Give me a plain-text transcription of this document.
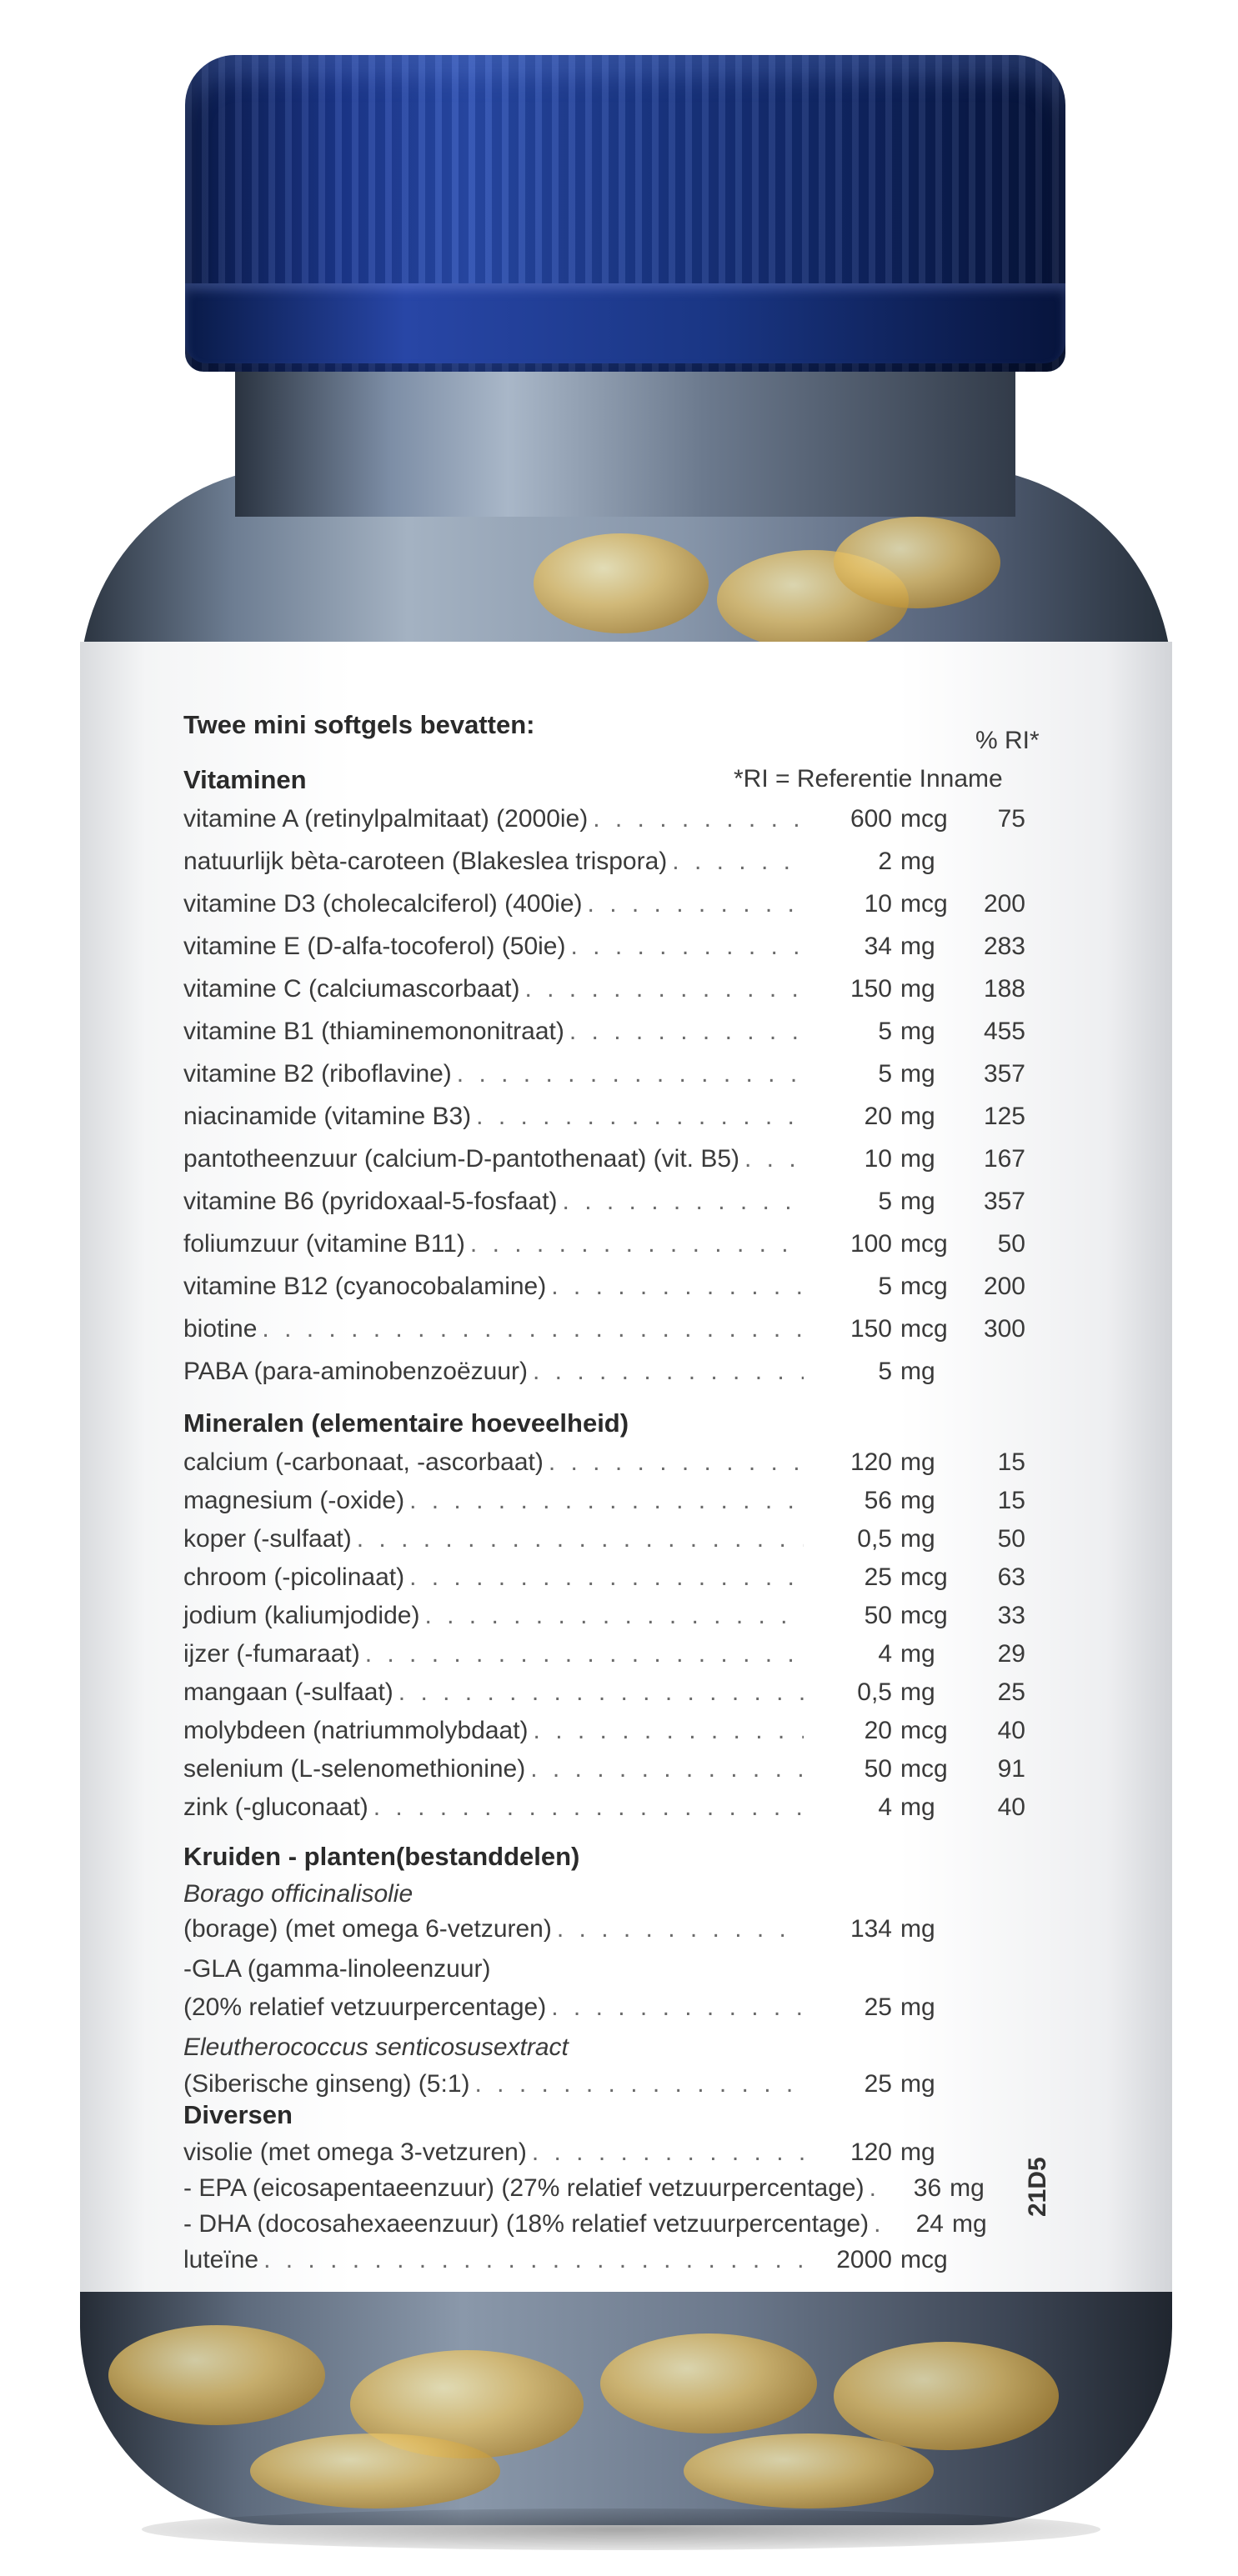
Twee mini softgels bevatten:
% RI*
*RI = Referentie Inname
Vitaminen
vitamine A (retinylpalmitaat) (2000ie) . . .	600 mcg	75
natuurlijk bèta-caroteen (Blakeslea trispora) . . .	2 mg
vitamine D3 (cholecalciferol) (400ie) . . .	10 mcg	200
vitamine E (D-alfa-tocoferol) (50ie) . . .	34 mg	283
vitamine C (calciumascorbaat) . . .	150 mg	188
vitamine B1 (thiaminemononitraat) . . .	5 mg	455
vitamine B2 (riboflavine) . . .	5 mg	357
niacinamide (vitamine B3) . . .	20 mg	125
pantotheenzuur (calcium-D-pantothenaat) (vit. B5) . . .	10 mg	167
vitamine B6 (pyridoxaal-5-fosfaat) . . .	5 mg	357
foliumzuur (vitamine B11) . . .	100 mcg	50
vitamine B12 (cyanocobalamine) . . .	5 mcg	200
biotine . . .	150 mcg	300
PABA (para-aminobenzoëzuur) . . .	5 mg
Mineralen (elementaire hoeveelheid)
calcium (-carbonaat, -ascorbaat) . . .	120 mg	15
magnesium (-oxide) . . .	56 mg	15
koper (-sulfaat) . . .	0,5 mg	50
chroom (-picolinaat) . . .	25 mcg	63
jodium (kaliumjodide) . . .	50 mcg	33
ijzer (-fumaraat) . . .	4 mg	29
mangaan (-sulfaat) . . .	0,5 mg	25
molybdeen (natriummolybdaat) . . .	20 mcg	40
selenium (L-selenomethionine) . . .	50 mcg	91
zink (-gluconaat) . . .	4 mg	40
Kruiden - planten(bestanddelen)
Borago officinalisolie
(borage) (met omega 6-vetzuren) . . .	134 mg
-GLA (gamma-linoleenzuur)
(20% relatief vetzuurpercentage) . . .	25 mg
Eleutherococcus senticosusextract
(Siberische ginseng) (5:1) . . .	25 mg
Diversen
visolie (met omega 3-vetzuren) . . .	120 mg
- EPA (eicosapentaeenzuur) (27% relatief vetzuurpercentage) . . .	36 mg
- DHA (docosahexaeenzuur) (18% relatief vetzuurpercentage) . . .	24 mg
luteïne . . .	2000 mcg
21D5
